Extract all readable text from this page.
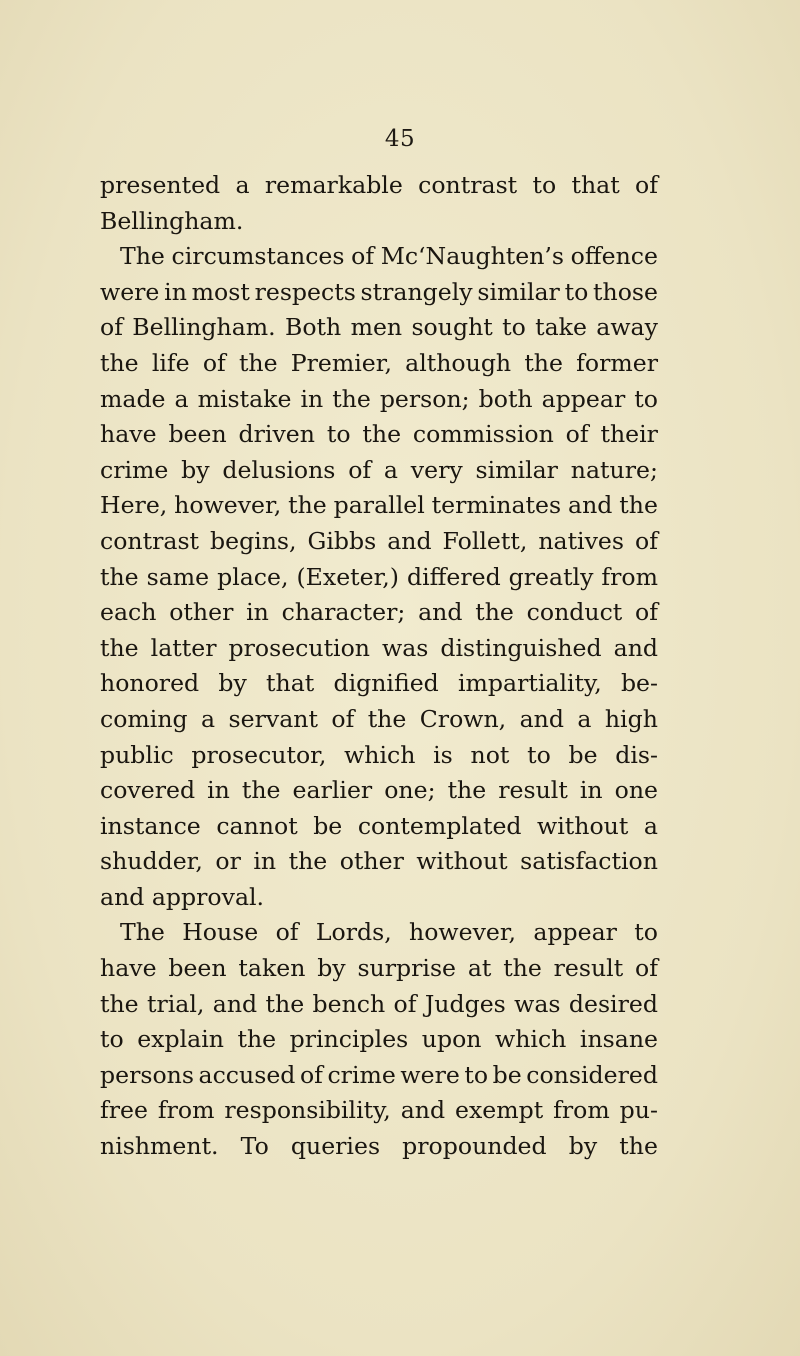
45
presented a remarkable contrast to that of
Bellingham.
The circumstances of Mc‘Naughten’s offence
were in most respects strangely similar to those
of Bellingham. Both men sought to take away
the life of the Premier, although the former
made a mistake in the person; both appear to
have been driven to the commission of their
crime by delusions of a very similar nature;
Here, however, the parallel terminates and the
contrast begins, Gibbs and Follett, natives of
the same place, (Exeter,) differed greatly from
each other in character; and the conduct of
the latter prosecution was distinguished and
honored by that dignified impartiality, be-
coming a servant of the Crown, and a high
public prosecutor, which is not to be dis-
covered in the earlier one; the result in one
instance cannot be contemplated without a
shudder, or in the other without satisfaction
and approval.
The House of Lords, however, appear to
have been taken by surprise at the result of
the trial, and the bench of Judges was desired
to explain the principles upon which insane
persons accused of crime were to be considered
free from responsibility, and exempt from pu-
nishment. To queries propounded by the
